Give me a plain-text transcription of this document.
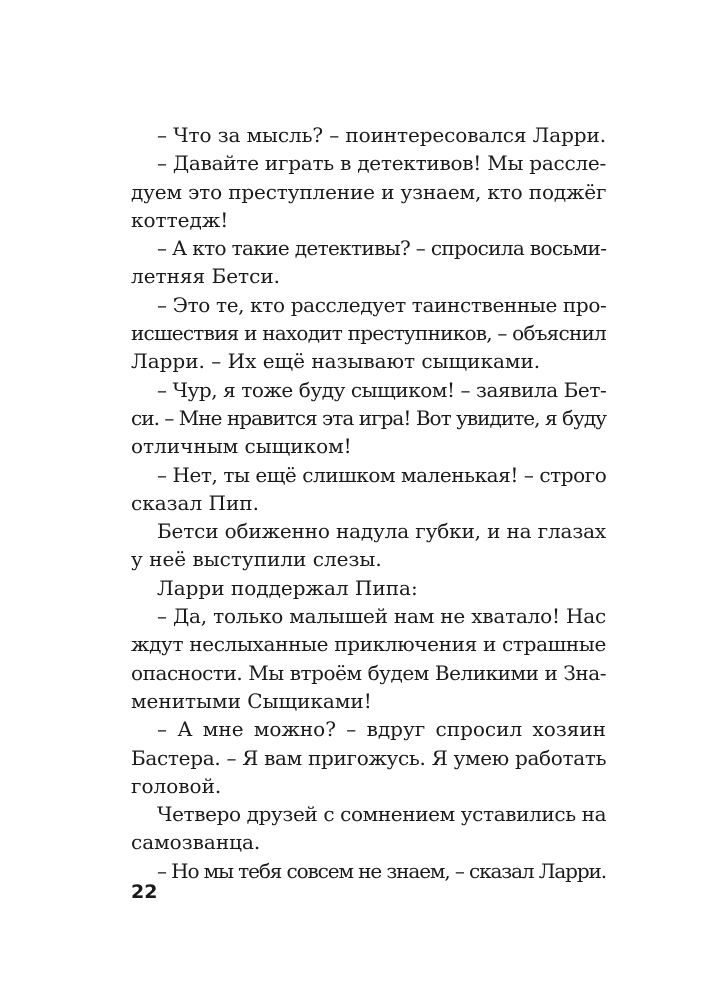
– Что за мысль? – поинтересовался Ларри.
– Давайте играть в детективов! Мы рассле-
дуем это преступление и узнаем, кто поджёг
коттедж!
– А кто такие детективы? – спросила восьми-
летняя Бетси.
– Это те, кто расследует таинственные про-
исшествия и находит преступников, – объяснил
Ларри. – Их ещё называют сыщиками.
– Чур, я тоже буду сыщиком! – заявила Бет-
си. – Мне нравится эта игра! Вот увидите, я буду
отличным сыщиком!
– Нет, ты ещё слишком маленькая! – строго
сказал Пип.
Бетси обиженно надула губки, и на глазах
у неё выступили слезы.
Ларри поддержал Пипа:
– Да, только малышей нам не хватало! Нас
ждут неслыханные приключения и страшные
опасности. Мы втроём будем Великими и Зна-
менитыми Сыщиками!
– А мне можно? – вдруг спросил хозяин
Бастера. – Я вам пригожусь. Я умею работать
головой.
Четверо друзей с сомнением уставились на
самозванца.
– Но мы тебя совсем не знаем, – сказал Ларри.
22
